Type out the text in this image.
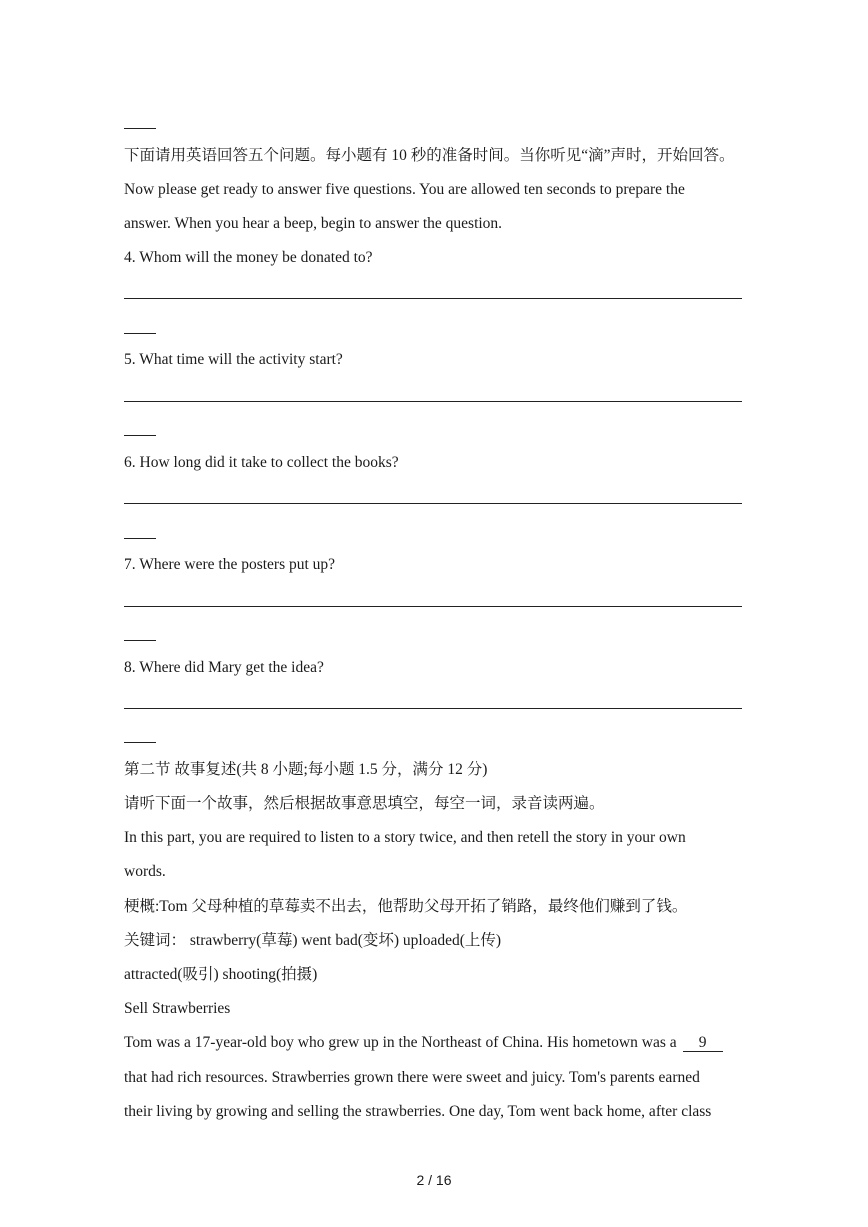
下面请用英语回答五个问题。每小题有 10 秒的准备时间。当你听见“滴”声时，开始回答。
Now please get ready to answer five questions. You are allowed ten seconds to prepare the
answer. When you hear a beep, begin to answer the question.
4. Whom will the money be donated to?
5. What time will the activity start?
6. How long did it take to collect the books?
7. Where were the posters put up?
8. Where did Mary get the idea?
第二节 故事复述(共 8 小题;每小题 1.5 分，满分 12 分)
请听下面一个故事，然后根据故事意思填空，每空一词，录音读两遍。
In this part, you are required to listen to a story twice, and then retell the story in your own
words.
梗概:Tom 父母种植的草莓卖不出去，他帮助父母开拓了销路，最终他们赚到了钱。
关键词： strawberry(草莓) went bad(变坏) uploaded(上传)
attracted(吸引) shooting(拍摄)
Sell Strawberries
Tom was a 17-year-old boy who grew up in the Northeast of China. His hometown was a 9
that had rich resources. Strawberries grown there were sweet and juicy. Tom's parents earned
their living by growing and selling the strawberries. One day, Tom went back home, after class
2 / 16
